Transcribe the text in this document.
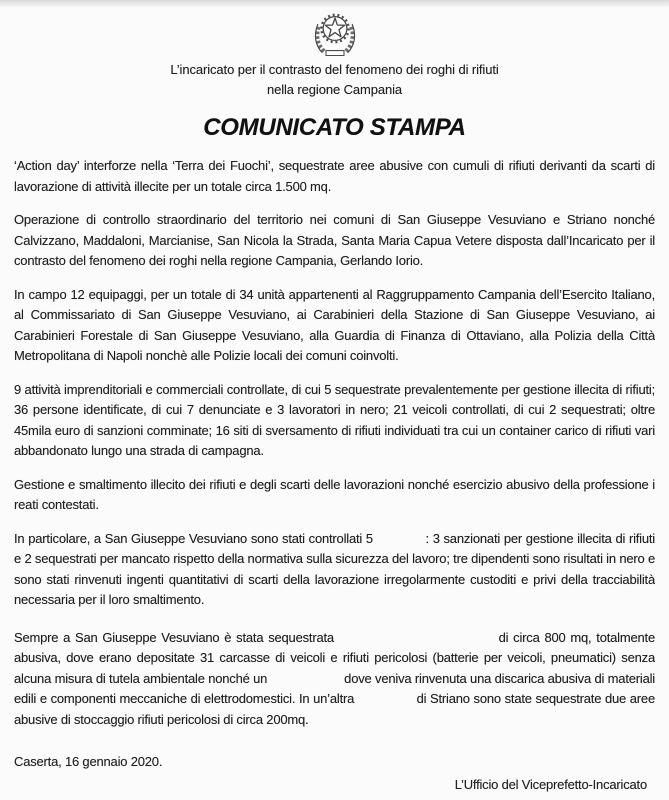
L’incaricato per il contrasto del fenomeno dei roghi di rifiuti
nella regione Campania
COMUNICATO STAMPA

‘Action day’ interforze nella ‘Terra dei Fuochi’, sequestrate aree abusive con cumuli di rifiuti derivanti da scarti di lavorazione di attività illecite per un totale circa 1.500 mq.

Operazione di controllo straordinario del territorio nei comuni di San Giuseppe Vesuviano e Striano nonché Calvizzano, Maddaloni, Marcianise, San Nicola la Strada, Santa Maria Capua Vetere disposta dall’Incaricato per il contrasto del fenomeno dei roghi nella regione Campania, Gerlando Iorio.

In campo 12 equipaggi, per un totale di 34 unità appartenenti al Raggruppamento Campania dell’Esercito Italiano, al Commissariato di San Giuseppe Vesuviano, ai Carabinieri della Stazione di San Giuseppe Vesuviano, ai Carabinieri Forestale di San Giuseppe Vesuviano, alla Guardia di Finanza di Ottaviano, alla Polizia della Città Metropolitana di Napoli nonchè alle Polizie locali dei comuni coinvolti.

9 attività imprenditoriali e commerciali controllate, di cui 5 sequestrate prevalentemente per gestione illecita di rifiuti; 36 persone identificate, di cui 7 denunciate e 3 lavoratori in nero; 21 veicoli controllati, di cui 2 sequestrati; oltre 45mila euro di sanzioni comminate; 16 siti di sversamento di rifiuti individuati tra cui un container carico di rifiuti vari abbandonato lungo una strada di campagna.

Gestione e smaltimento illecito dei rifiuti e degli scarti delle lavorazioni nonché esercizio abusivo della professione i reati contestati.

In particolare, a San Giuseppe Vesuviano sono stati controllati 5	: 3 sanzionati per gestione illecita di rifiuti e 2 sequestrati per mancato rispetto della normativa sulla sicurezza del lavoro; tre dipendenti sono risultati in nero e sono stati rinvenuti ingenti quantitativi di scarti della lavorazione irregolarmente custoditi e privi della tracciabilità necessaria per il loro smaltimento.

Sempre a San Giuseppe Vesuviano è stata sequestrata	di circa 800 mq, totalmente abusiva, dove erano depositate 31 carcasse di veicoli e rifiuti pericolosi (batterie per veicoli, pneumatici) senza alcuna misura di tutela ambientale nonché un	dove veniva rinvenuta una discarica abusiva di materiali edili e componenti meccaniche di elettrodomestici. In un’altra	di Striano sono state sequestrate due aree abusive di stoccaggio rifiuti pericolosi di circa 200mq.

Caserta, 16 gennaio 2020.
L’Ufficio del Viceprefetto-Incaricato
